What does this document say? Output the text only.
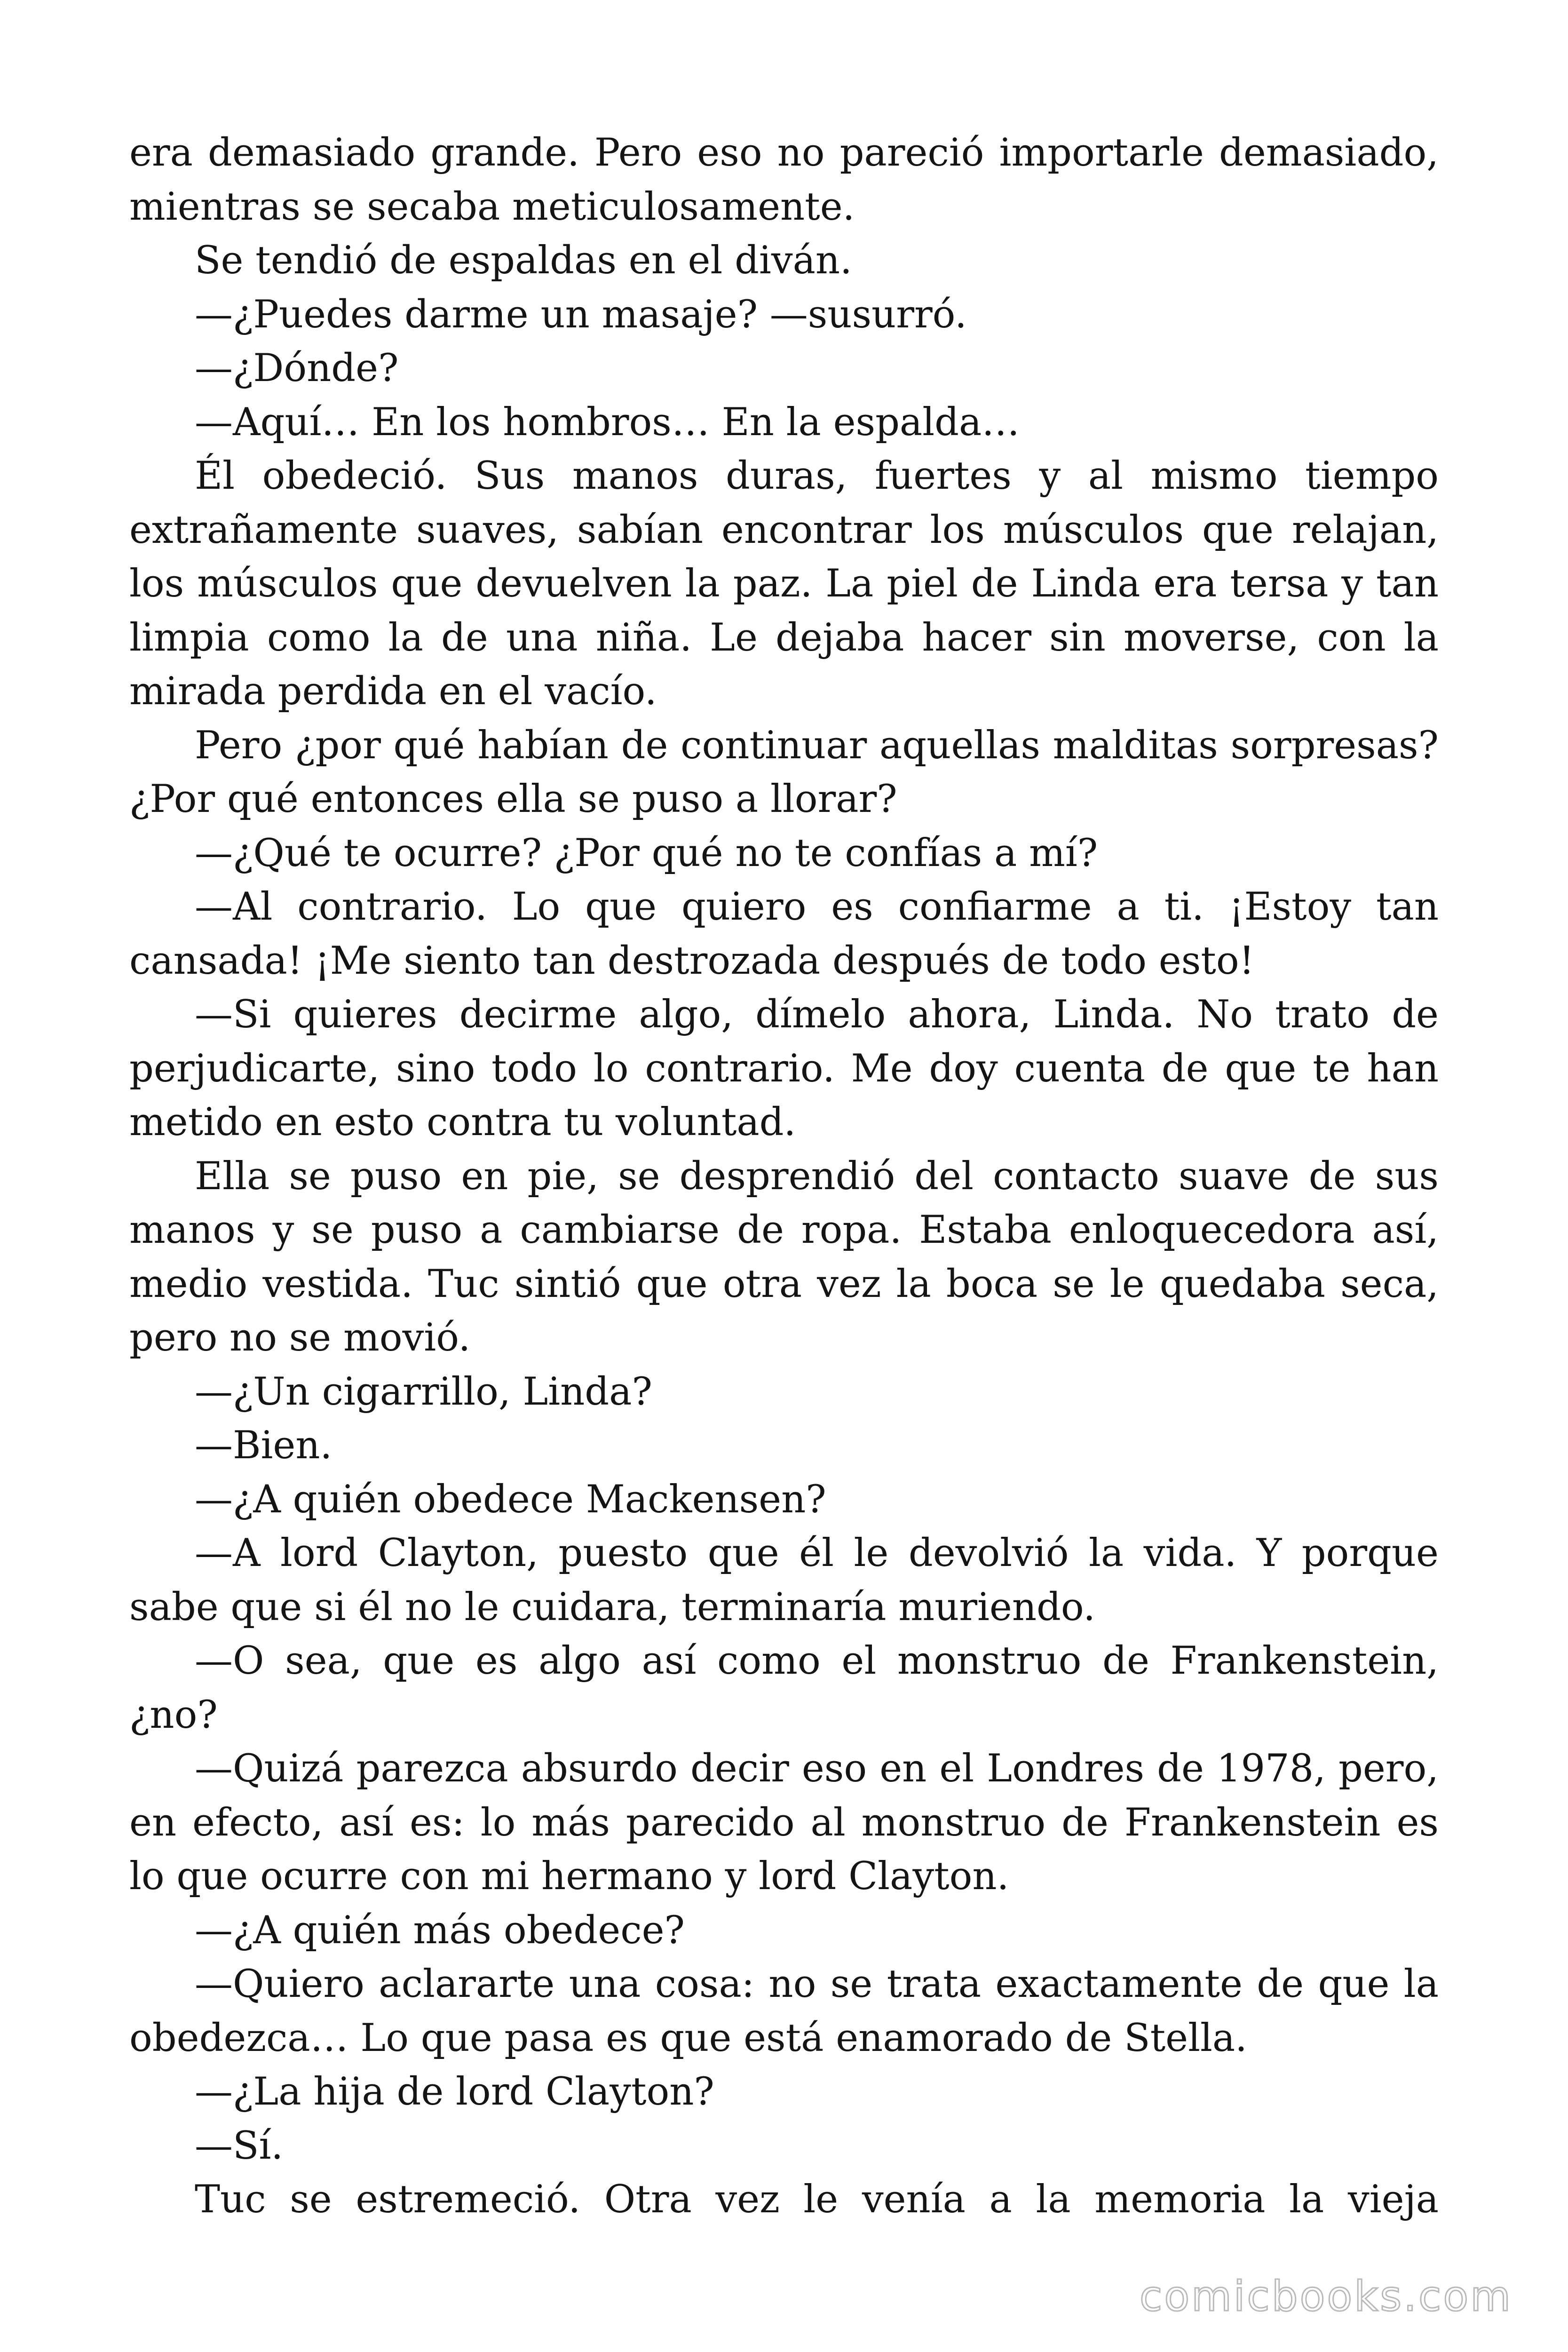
era demasiado grande. Pero eso no pareció importarle demasiado, mientras se secaba meticulosamente.

Se tendió de espaldas en el diván.

—¿Puedes darme un masaje? —susurró.

—¿Dónde?

—Aquí… En los hombros… En la espalda…

Él obedeció. Sus manos duras, fuertes y al mismo tiempo extrañamente suaves, sabían encontrar los músculos que relajan, los músculos que devuelven la paz. La piel de Linda era tersa y tan limpia como la de una niña. Le dejaba hacer sin moverse, con la mirada perdida en el vacío.

Pero ¿por qué habían de continuar aquellas malditas sorpresas? ¿Por qué entonces ella se puso a llorar?

—¿Qué te ocurre? ¿Por qué no te confías a mí?

—Al contrario. Lo que quiero es confiarme a ti. ¡Estoy tan cansada! ¡Me siento tan destrozada después de todo esto!

—Si quieres decirme algo, dímelo ahora, Linda. No trato de perjudicarte, sino todo lo contrario. Me doy cuenta de que te han metido en esto contra tu voluntad.

Ella se puso en pie, se desprendió del contacto suave de sus manos y se puso a cambiarse de ropa. Estaba enloquecedora así, medio vestida. Tuc sintió que otra vez la boca se le quedaba seca, pero no se movió.

—¿Un cigarrillo, Linda?

—Bien.

—¿A quién obedece Mackensen?

—A lord Clayton, puesto que él le devolvió la vida. Y porque sabe que si él no le cuidara, terminaría muriendo.

—O sea, que es algo así como el monstruo de Frankenstein, ¿no?

—Quizá parezca absurdo decir eso en el Londres de 1978, pero, en efecto, así es: lo más parecido al monstruo de Frankenstein es lo que ocurre con mi hermano y lord Clayton.

—¿A quién más obedece?

—Quiero aclararte una cosa: no se trata exactamente de que la obedezca… Lo que pasa es que está enamorado de Stella.

—¿La hija de lord Clayton?

—Sí.

Tuc se estremeció. Otra vez le venía a la memoria la vieja

comicbooks.com
